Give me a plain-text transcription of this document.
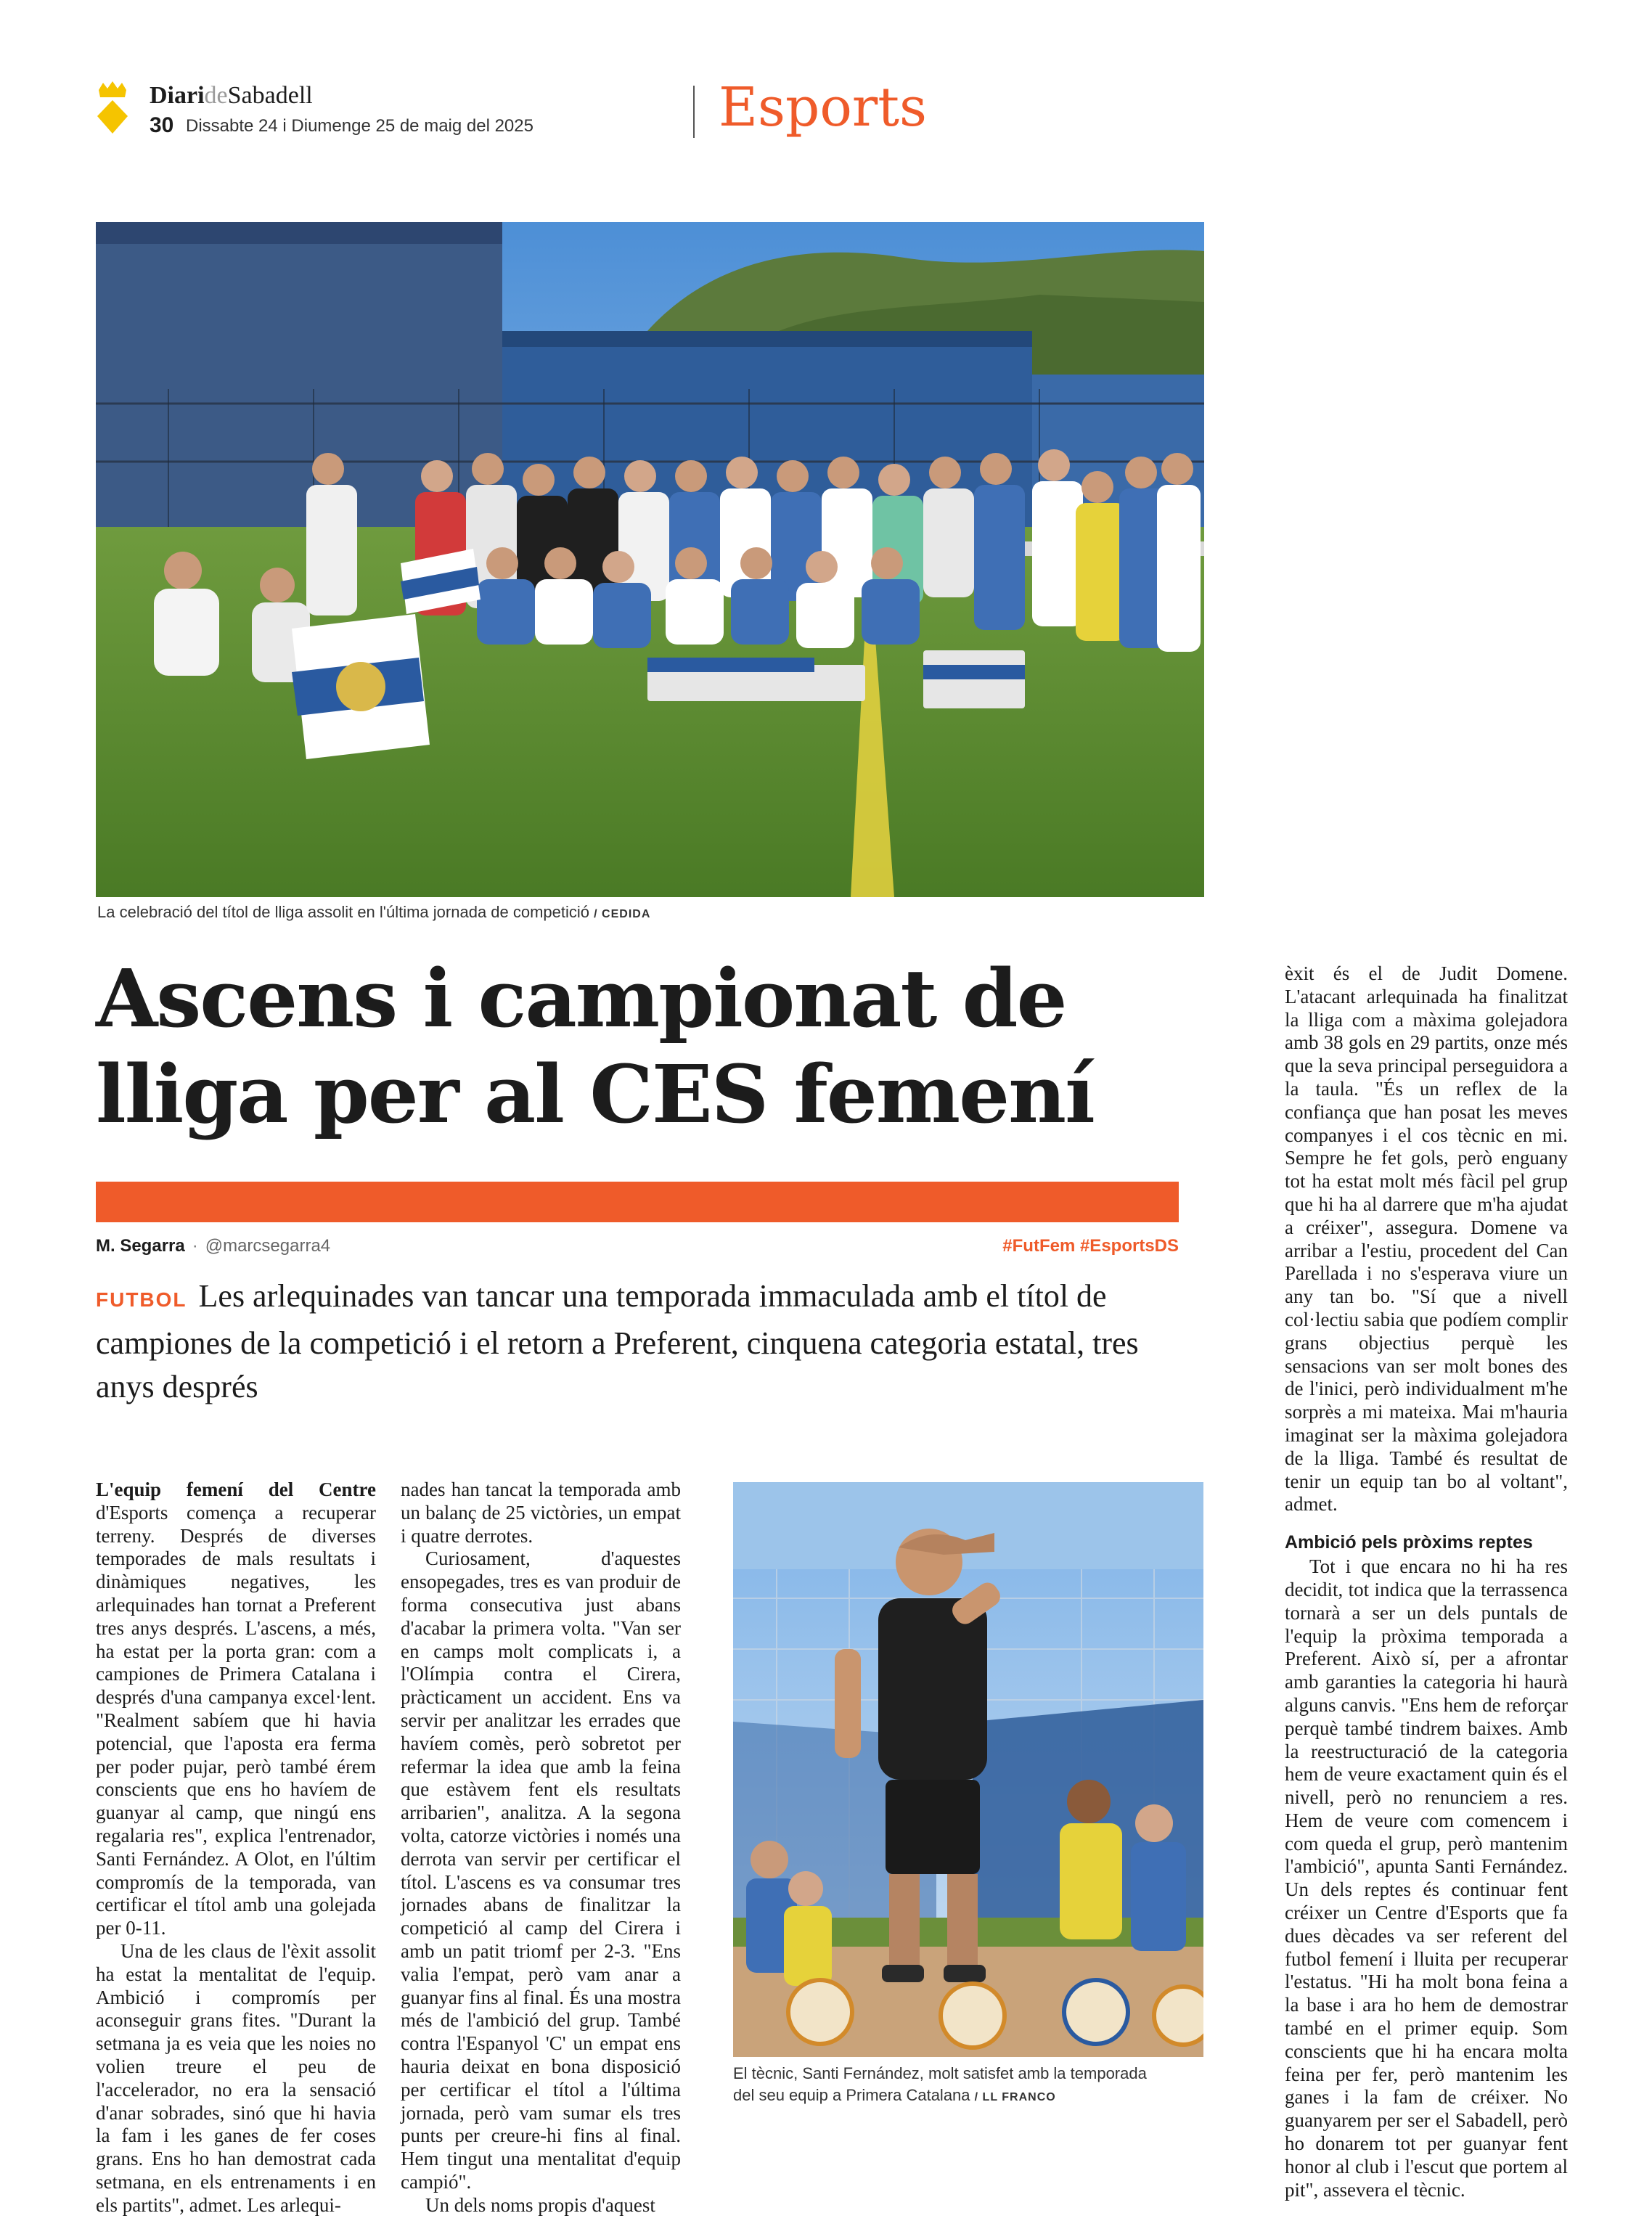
DiarideSabadell
30 Dissabte 24 i Diumenge 25 de maig del 2025	Esports
La celebració del títol de lliga assolit en l'última jornada de competició / CEDIDA
Ascens i campionat de
lliga per al CES femení
M. Segarra · @marcsegarra4	#FutFem #EsportsDS

FUTBOL Les arlequinades van tancar una temporada immaculada amb el títol de campiones de la competició i el retorn a Preferent, cinquena categoria estatal, tres anys després

L'equip femení del Centre d'Esports comença a recuperar terreny. Després de diverses temporades de mals resultats i dinàmiques negatives, les arlequinades han tornat a Preferent tres anys després. L'ascens, a més, ha estat per la porta gran: com a campiones de Primera Catalana i després d'una campanya excel·lent. "Realment sabíem que hi havia potencial, que l'aposta era ferma per poder pujar, però també érem conscients que ens ho havíem de guanyar al camp, que ningú ens regalaria res", explica l'entrenador, Santi Fernández. A Olot, en l'últim compromís de la temporada, van certificar el títol amb una golejada per 0-11.

Una de les claus de l'èxit assolit ha estat la mentalitat de l'equip. Ambició i compromís per aconseguir grans fites. "Durant la setmana ja es veia que les noies no volien treure el peu de l'accelerador, no era la sensació d'anar sobrades, sinó que hi havia la fam i les ganes de fer coses grans. Ens ho han demostrat cada setmana, en els entrenaments i en els partits", admet. Les arlequi-

nades han tancat la temporada amb un balanç de 25 victòries, un empat i quatre derrotes.

Curiosament, d'aquestes ensopegades, tres es van produir de forma consecutiva just abans d'acabar la primera volta. "Van ser en camps molt complicats i, a l'Olímpia contra el Cirera, pràcticament un accident. Ens va servir per analitzar les errades que havíem comès, però sobretot per refermar la idea que amb la feina que estàvem fent els resultats arribarien", analitza. A la segona volta, catorze victòries i només una derrota van servir per certificar el títol. L'ascens es va consumar tres jornades abans de finalitzar la competició al camp del Cirera i amb un patit triomf per 2-3. "Ens valia l'empat, però vam anar a guanyar fins al final. És una mostra més de l'ambició del grup. També contra l'Espanyol 'C' un empat ens hauria deixat en bona disposició per certificar el títol a l'última jornada, però vam sumar els tres punts per creure-hi fins al final. Hem tingut una mentalitat d'equip campió".

Un dels noms propis d'aquest

El tècnic, Santi Fernández, molt satisfet amb la temporada
del seu equip a Primera Catalana / LL FRANCO

èxit és el de Judit Domene. L'atacant arlequinada ha finalitzat la lliga com a màxima golejadora amb 38 gols en 29 partits, onze més que la seva principal perseguidora a la taula. "És un reflex de la confiança que han posat les meves companyes i el cos tècnic en mi. Sempre he fet gols, però enguany tot ha estat molt més fàcil pel grup que hi ha al darrere que m'ha ajudat a créixer", assegura. Domene va arribar a l'estiu, procedent del Can Parellada i no s'esperava viure un any tan bo. "Sí que a nivell col·lectiu sabia que podíem complir grans objectius perquè les sensacions van ser molt bones des de l'inici, però individualment m'he sorprès a mi mateixa. Mai m'hauria imaginat ser la màxima golejadora de la lliga. També és resultat de tenir un equip tan bo al voltant", admet.

Ambició pels pròxims reptes

Tot i que encara no hi ha res decidit, tot indica que la terrassenca tornarà a ser un dels puntals de l'equip la pròxima temporada a Preferent. Això sí, per a afrontar amb garanties la categoria hi haurà alguns canvis. "Ens hem de reforçar perquè també tindrem baixes. Amb la reestructuració de la categoria hem de veure exactament quin és el nivell, però no renunciem a res. Hem de veure com comencem i com queda el grup, però mantenim l'ambició", apunta Santi Fernández. Un dels reptes és continuar fent créixer un Centre d'Esports que fa dues dècades va ser referent del futbol femení i lluita per recuperar l'estatus. "Hi ha molt bona feina a la base i ara ho hem de demostrar també en el primer equip. Som conscients que hi ha encara molta feina per fer, però mantenim les ganes i la fam de créixer. No guanyarem per ser el Sabadell, però ho donarem tot per guanyar fent honor al club i l'escut que portem al pit", assevera el tècnic.
